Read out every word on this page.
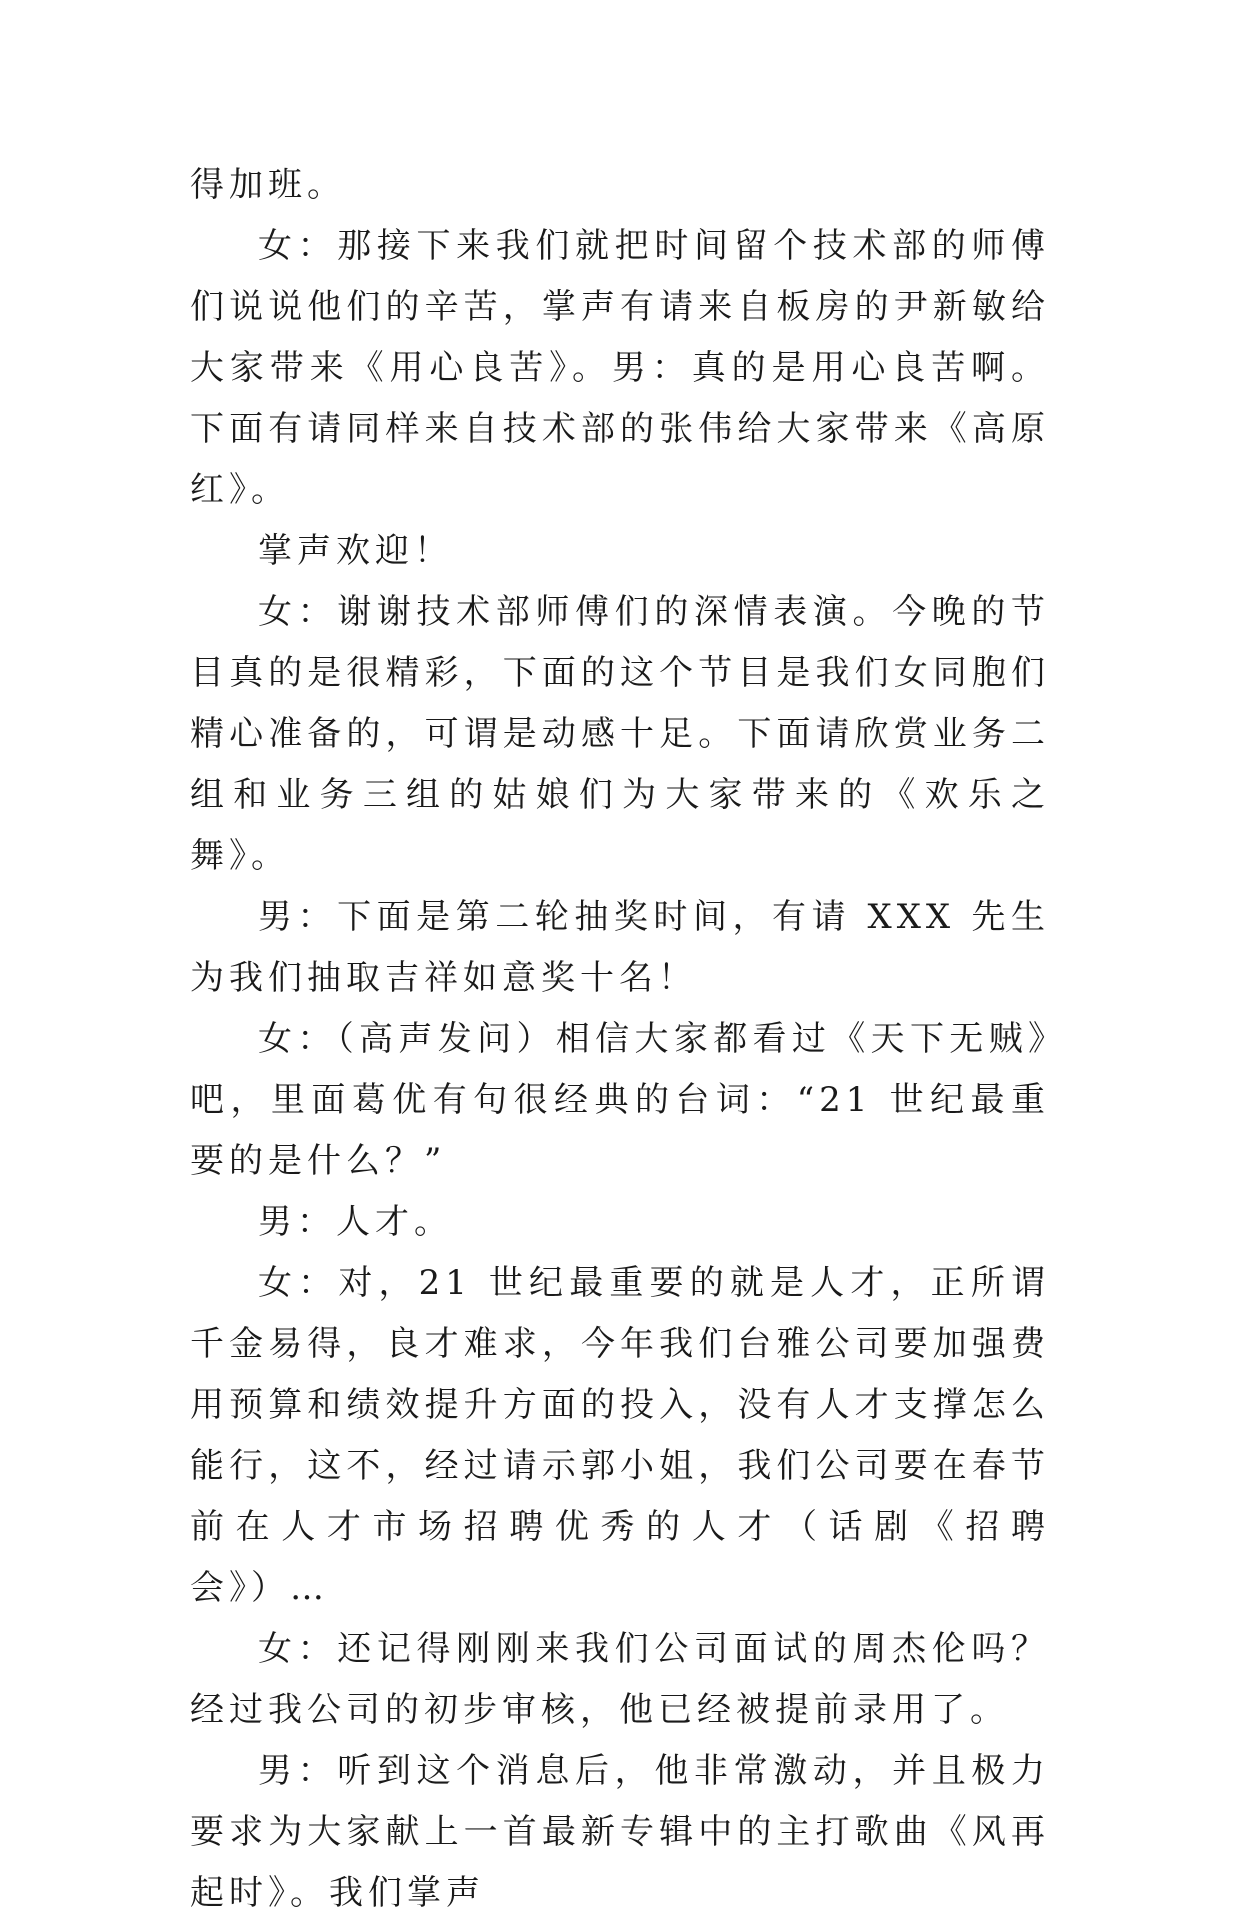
得加班。

女：那接下来我们就把时间留个技术部的师傅们说说他们的辛苦，掌声有请来自板房的尹新敏给大家带来《用心良苦》。男：真的是用心良苦啊。下面有请同样来自技术部的张伟给大家带来《高原红》。

掌声欢迎！

女：谢谢技术部师傅们的深情表演。今晚的节目真的是很精彩，下面的这个节目是我们女同胞们精心准备的，可谓是动感十足。下面请欣赏业务二组和业务三组的姑娘们为大家带来的《欢乐之舞》。

男：下面是第二轮抽奖时间，有请 XXX 先生为我们抽取吉祥如意奖十名！

女：（高声发问）相信大家都看过《天下无贼》吧，里面葛优有句很经典的台词：“21 世纪最重要的是什么？”

男：人才。

女：对，21 世纪最重要的就是人才，正所谓千金易得，良才难求，今年我们台雅公司要加强费用预算和绩效提升方面的投入，没有人才支撑怎么能行，这不，经过请示郭小姐，我们公司要在春节前在人才市场招聘优秀的人才（话剧《招聘会》）…

女：还记得刚刚来我们公司面试的周杰伦吗？经过我公司的初步审核，他已经被提前录用了。

男：听到这个消息后，他非常激动，并且极力要求为大家献上一首最新专辑中的主打歌曲《风再起时》。我们掌声
